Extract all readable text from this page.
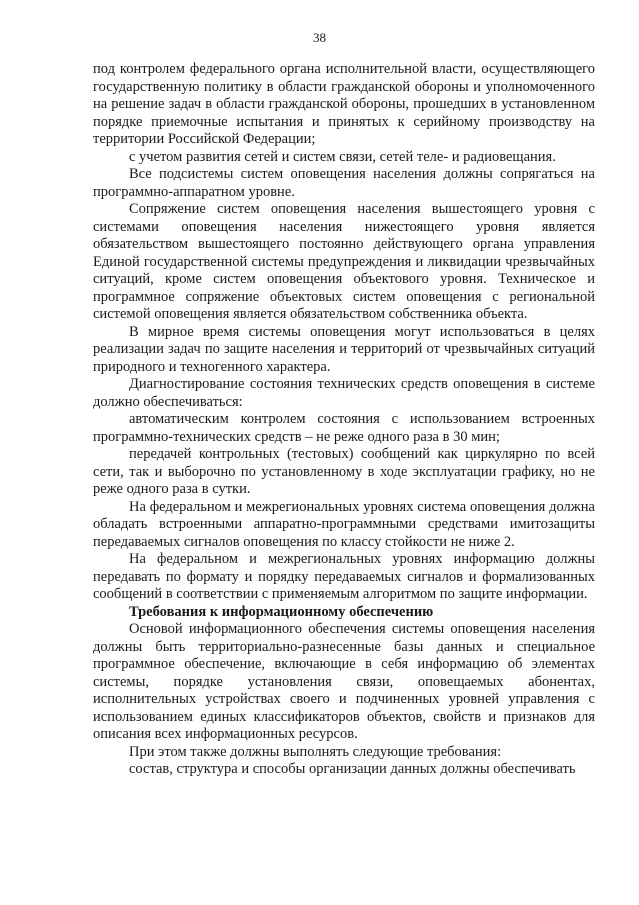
38

под контролем федерального органа исполнительной власти, осуществляющего государственную политику в области гражданской обороны и уполномоченного на решение задач в области гражданской обороны, прошедших в установленном порядке приемочные испытания и принятых к серийному производству на территории Российской Федерации;

с учетом развития сетей и систем связи, сетей теле- и радиовещания.

Все подсистемы систем оповещения населения должны сопрягаться на программно-аппаратном уровне.

Сопряжение систем оповещения населения вышестоящего уровня с системами оповещения населения нижестоящего уровня является обязательством вышестоящего постоянно действующего органа управления Единой государственной системы предупреждения и ликвидации чрезвычайных ситуаций, кроме систем оповещения объектового уровня. Техническое и программное сопряжение объектовых систем оповещения с региональной системой оповещения является обязательством собственника объекта.

В мирное время системы оповещения могут использоваться в целях реализации задач по защите населения и территорий от чрезвычайных ситуаций природного и техногенного характера.

Диагностирование состояния технических средств оповещения в системе должно обеспечиваться:

автоматическим контролем состояния с использованием встроенных программно-технических средств – не реже одного раза в 30 мин;

передачей контрольных (тестовых) сообщений как циркулярно по всей сети, так и выборочно по установленному в ходе эксплуатации графику, но не реже одного раза в сутки.

На федеральном и межрегиональных уровнях система оповещения должна обладать встроенными аппаратно-программными средствами имитозащиты передаваемых сигналов оповещения по классу стойкости не ниже 2.

На федеральном и межрегиональных уровнях информацию должны передавать по формату и порядку передаваемых сигналов и формализованных сообщений в соответствии с применяемым алгоритмом по защите информации.

Требования к информационному обеспечению

Основой информационного обеспечения системы оповещения населения должны быть территориально-разнесенные базы данных и специальное программное обеспечение, включающие в себя информацию об элементах системы, порядке установления связи, оповещаемых абонентах, исполнительных устройствах своего и подчиненных уровней управления с использованием единых классификаторов объектов, свойств и признаков для описания всех информационных ресурсов.

При этом также должны выполнять следующие требования:

состав, структура и способы организации данных должны обеспечивать
